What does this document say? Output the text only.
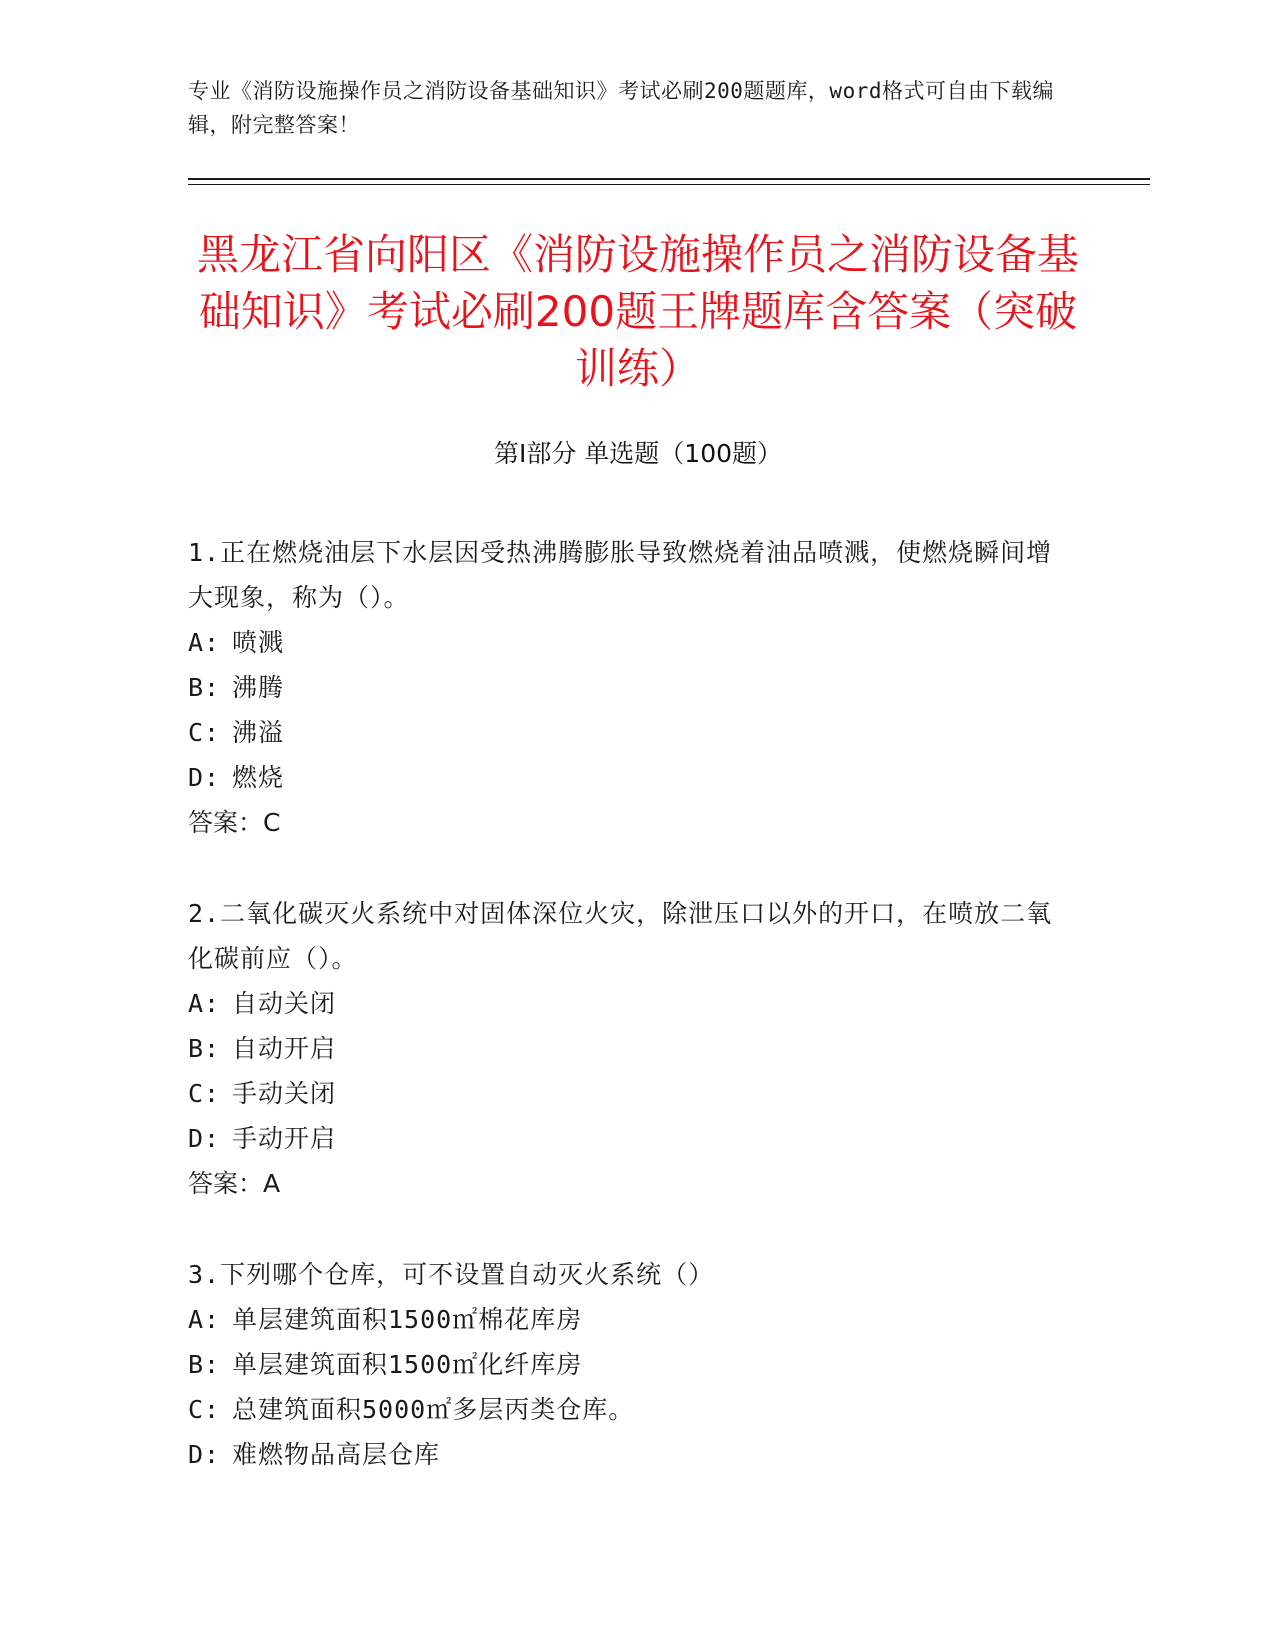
专业《消防设施操作员之消防设备基础知识》考试必刷200题题库，word格式可自由下载编辑，附完整答案！
黑龙江省向阳区《消防设施操作员之消防设备基础知识》考试必刷200题王牌题库含答案（突破训练）
第I部分 单选题（100题）

1.正在燃烧油层下水层因受热沸腾膨胀导致燃烧着油品喷溅，使燃烧瞬间增大现象，称为（）。

A: 喷溅

B: 沸腾

C: 沸溢

D: 燃烧

答案：C

2.二氧化碳灭火系统中对固体深位火灾，除泄压口以外的开口，在喷放二氧化碳前应（）。

A: 自动关闭

B: 自动开启

C: 手动关闭

D: 手动开启

答案：A

3.下列哪个仓库，可不设置自动灭火系统（）

A: 单层建筑面积1500㎡棉花库房

B: 单层建筑面积1500㎡化纤库房

C: 总建筑面积5000㎡多层丙类仓库。

D: 难燃物品高层仓库
